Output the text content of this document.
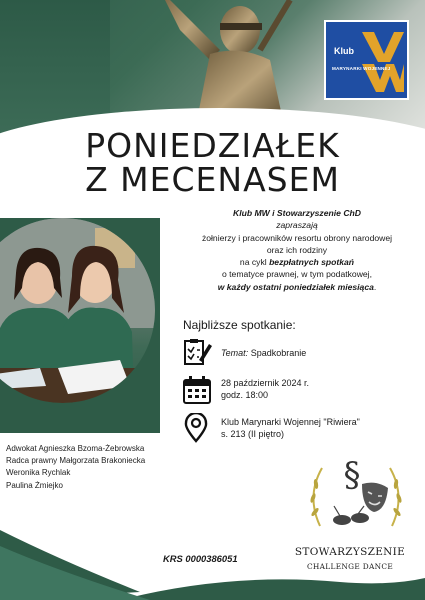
Klub
MARYNARKI WOJENNEJ
PONIEDZIAŁEK
Z MECENASEM
Klub MW i Stowarzyszenie ChD
zapraszają
żołnierzy i pracowników resortu obrony narodowej
oraz ich rodziny
na cykl bezpłatnych spotkań
o tematyce prawnej, w tym podatkowej,
w każdy ostatni poniedziałek miesiąca.
Najbliższe spotkanie:
Temat: Spadkobranie
28 październik 2024 r.
godz. 18:00
Klub Marynarki Wojennej "Riwiera"
s. 213 (II piętro)
Adwokat Agnieszka Bzoma-Żebrowska
Radca prawny Małgorzata Brakoniecka
Weronika Rychlak
Paulina Żmiejko
KRS 0000386051
§
STOWARZYSZENIE
CHALLENGE DANCE
